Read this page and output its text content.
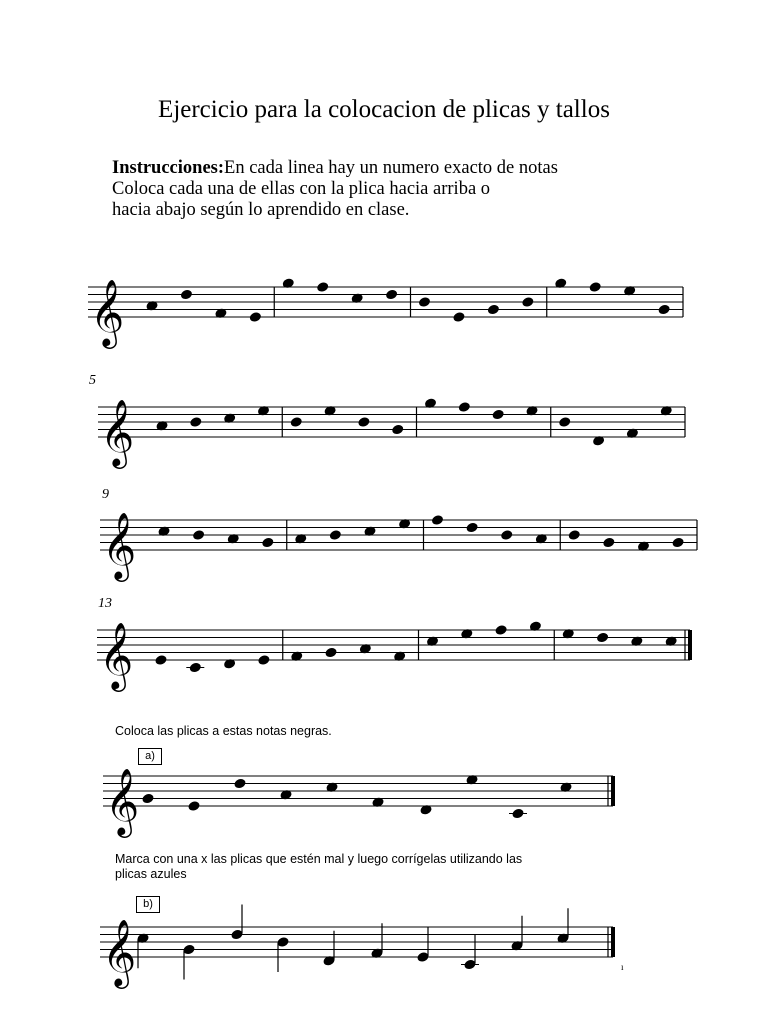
Ejercicio para la colocacion de plicas y tallos
Instrucciones:En cada linea hay un numero exacto de notas
Coloca cada una de ellas con la plica hacia arriba o
hacia abajo según lo aprendido en clase.
5
9
13
Coloca las plicas a estas notas negras.
a)
Marca con una x las plicas que estén mal y luego corrígelas utilizando las
plicas azules
b)
ı
𝄞
𝄞
𝄞
𝄞
𝄞
𝄞
